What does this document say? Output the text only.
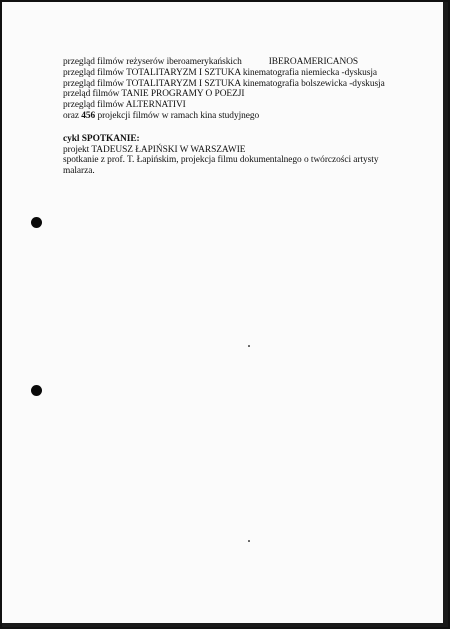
przegląd filmów reżyserów iberoamerykańskich	IBEROAMERICANOS
przegląd filmów TOTALITARYZM I SZTUKA kinematografia niemiecka -dyskusja
przegląd filmów TOTALITARYZM I SZTUKA kinematografia bolszewicka -dyskusja
przeląd filmów TANIE PROGRAMY O POEZJI
przegląd filmów ALTERNATIVI
oraz 456 projekcji filmów w ramach kina studyjnego
cykl SPOTKANIE:
projekt TADEUSZ ŁAPIŃSKI W WARSZAWIE
spotkanie z prof. T. Łapińskim, projekcja filmu dokumentalnego o twórczości artysty malarza.
